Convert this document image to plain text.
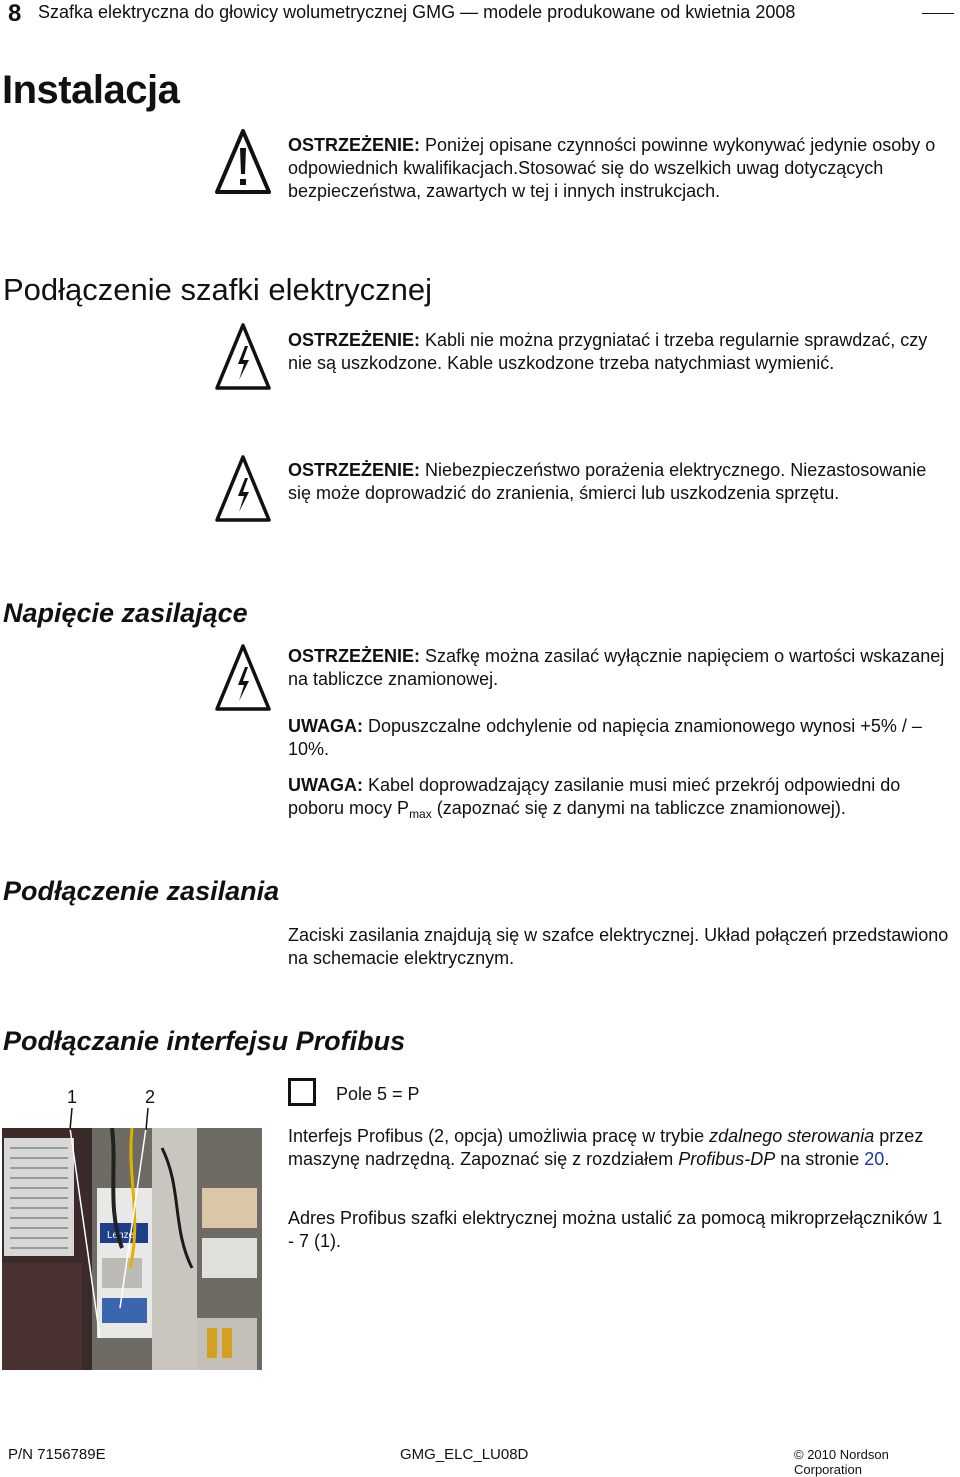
8 Szafka elektryczna do głowicy wolumetrycznej GMG — modele produkowane od kwietnia 2008
Instalacja
OSTRZEŻENIE: Poniżej opisane czynności powinne wykonywać jedynie osoby o odpowiednich kwalifikacjach.Stosować się do wszelkich uwag dotyczących bezpieczeństwa, zawartych w tej i innych instrukcjach.
Podłączenie szafki elektrycznej
OSTRZEŻENIE: Kabli nie można przygniatać i trzeba regularnie sprawdzać, czy nie są uszkodzone. Kable uszkodzone trzeba natychmiast wymienić.
OSTRZEŻENIE: Niebezpieczeństwo porażenia elektrycznego. Niezastosowanie się może doprowadzić do zranienia, śmierci lub uszkodzenia sprzętu.
Napięcie zasilające
OSTRZEŻENIE: Szafkę można zasilać wyłącznie napięciem o wartości wskazanej na tabliczce znamionowej.
UWAGA: Dopuszczalne odchylenie od napięcia znamionowego wynosi +5% / – 10%.
UWAGA: Kabel doprowadzający zasilanie musi mieć przekrój odpowiedni do poboru mocy $P_{max}$ (zapoznać się z danymi na tabliczce znamionowej).
Podłączenie zasilania
Zaciski zasilania znajdują się w szafce elektrycznej. Układ połączeń przedstawiono na schemacie elektrycznym.
Podłączanie interfejsu Profibus
1	2
Lenze
Pole 5 = P
Interfejs Profibus (2, opcja) umożliwia pracę w trybie zdalnego sterowania przez maszynę nadrzędną. Zapoznać się z rozdziałem Profibus-DP na stronie 20.
Adres Profibus szafki elektrycznej można ustalić za pomocą mikroprzełączników 1 - 7 (1).
P/N 7156789E	GMG_ELC_LU08D	© 2010 Nordson Corporation
